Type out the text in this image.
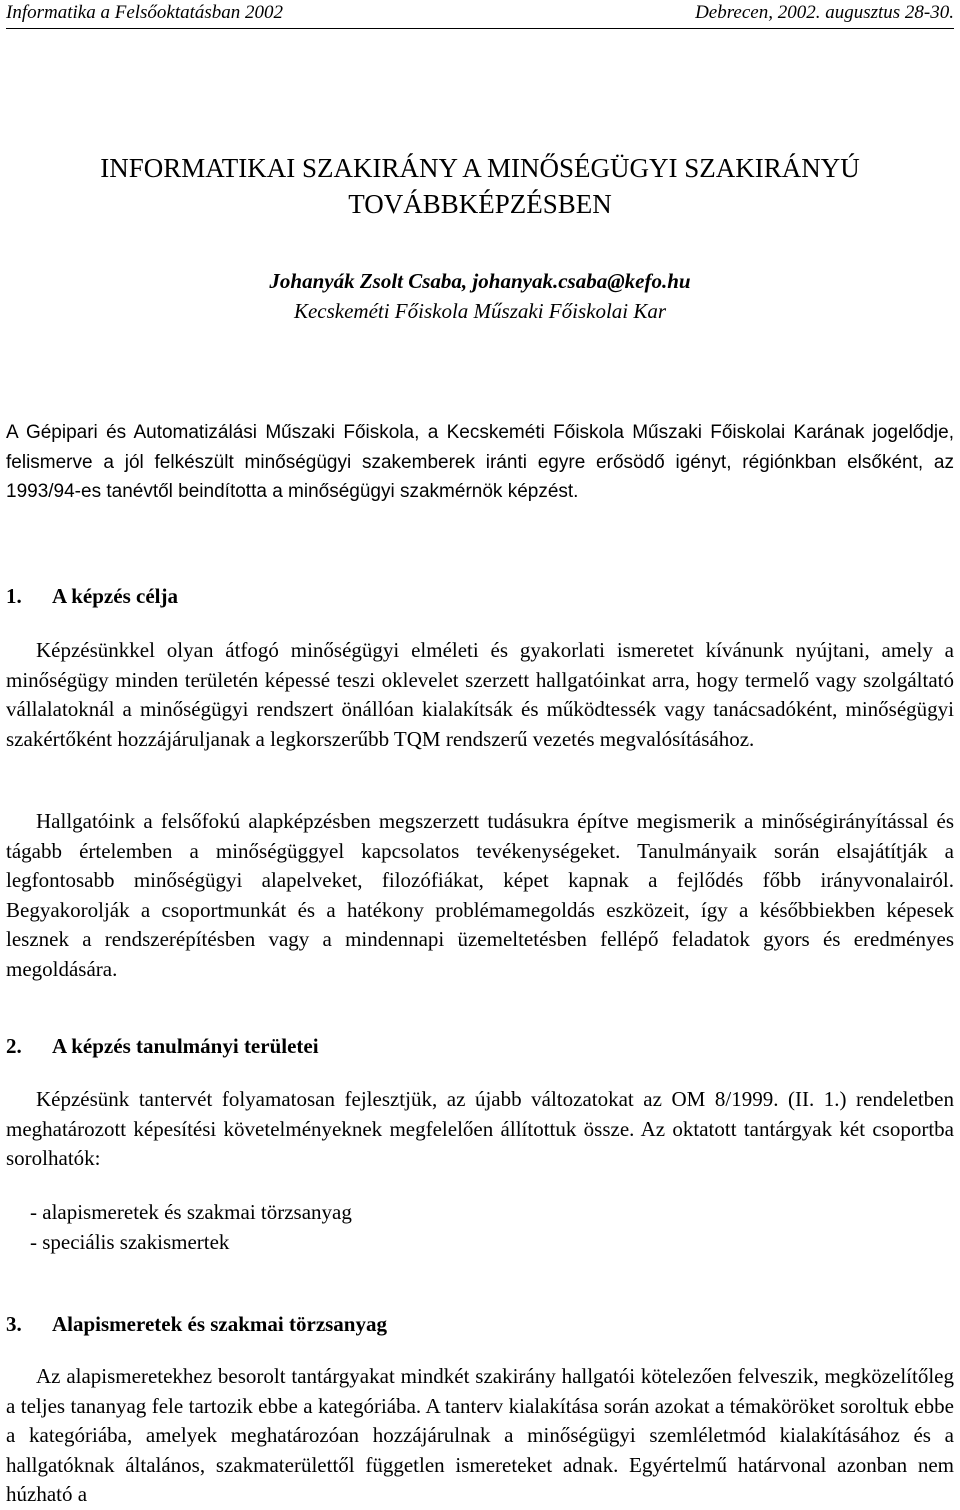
Informatika a Felsőoktatásban 2002	Debrecen, 2002. augusztus 28-30.
INFORMATIKAI SZAKIRÁNY A MINŐSÉGÜGYI SZAKIRÁNYÚ
TOVÁBBKÉPZÉSBEN
Johanyák Zsolt Csaba, johanyak.csaba@kefo.hu
Kecskeméti Főiskola Műszaki Főiskolai Kar

A Gépipari és Automatizálási Műszaki Főiskola, a Kecskeméti Főiskola Műszaki Főiskolai Karának jogelődje, felismerve a jól felkészült minőségügyi szakemberek iránti egyre erősödő igényt, régiónkban elsőként, az 1993/94-es tanévtől beindította a minőségügyi szakmérnök képzést.

1. A képzés célja

Képzésünkkel olyan átfogó minőségügyi elméleti és gyakorlati ismeretet kívánunk nyújtani, amely a minőségügy minden területén képessé teszi oklevelet szerzett hallgatóinkat arra, hogy termelő vagy szolgáltató vállalatoknál a minőségügyi rendszert önállóan kialakítsák és működtessék vagy tanácsadóként, minőségügyi szakértőként hozzájáruljanak a legkorszerűbb TQM rendszerű vezetés megvalósításához.

Hallgatóink a felsőfokú alapképzésben megszerzett tudásukra építve megismerik a minőségirányítással és tágabb értelemben a minőségüggyel kapcsolatos tevékenységeket. Tanulmányaik során elsajátítják a legfontosabb minőségügyi alapelveket, filozófiákat, képet kapnak a fejlődés főbb irányvonalairól. Begyakorolják a csoportmunkát és a hatékony problémamegoldás eszközeit, így a későbbiekben képesek lesznek a rendszerépítésben vagy a mindennapi üzemeltetésben fellépő feladatok gyors és eredményes megoldására.

2. A képzés tanulmányi területei

Képzésünk tantervét folyamatosan fejlesztjük, az újabb változatokat az OM 8/1999. (II. 1.) rendeletben meghatározott képesítési követelményeknek megfelelően állítottuk össze. Az oktatott tantárgyak két csoportba sorolhatók:

- alapismeretek és szakmai törzsanyag
- speciális szakismertek
3. Alapismeretek és szakmai törzsanyag

Az alapismeretekhez besorolt tantárgyakat mindkét szakirány hallgatói kötelezően felveszik, megközelítőleg a teljes tananyag fele tartozik ebbe a kategóriába. A tanterv kialakítása során azokat a témaköröket soroltuk ebbe a kategóriába, amelyek meghatározóan hozzájárulnak a minőségügyi szemléletmód kialakításához és a hallgatóknak általános, szakmaterülettől független ismereteket adnak. Egyértelmű határvonal azonban nem húzható a
